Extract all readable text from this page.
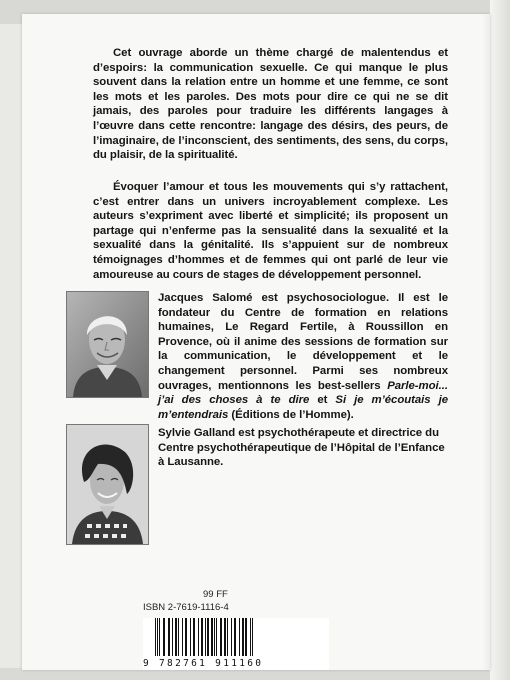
Cet ouvrage aborde un thème chargé de malentendus et d’espoirs: la communication sexuelle. Ce qui manque le plus souvent dans la relation entre un homme et une femme, ce sont les mots et les paroles. Des mots pour dire ce qui ne se dit jamais, des paroles pour traduire les différents langages à l’œuvre dans cette rencontre: langage des désirs, des peurs, de l’imaginaire, de l’inconscient, des sentiments, des sens, du corps, du plaisir, de la spiritualité.
Évoquer l’amour et tous les mouvements qui s’y rattachent, c’est entrer dans un univers incroyablement complexe. Les auteurs s’expriment avec liberté et simplicité; ils proposent un partage qui n’enferme pas la sensualité dans la sexualité et la sexualité dans la génitalité. Ils s’appuient sur de nombreux témoignages d’hommes et de femmes qui ont parlé de leur vie amoureuse au cours de stages de développement personnel.
Jacques Salomé est psychosociologue. Il est le fondateur du Centre de formation en relations humaines, Le Regard Fertile, à Roussillon en Provence, où il anime des sessions de formation sur la communication, le développement et le changement personnel. Parmi ses nombreux ouvrages, mentionnons les best-sellers Parle-moi... j’ai des choses à te dire et Si je m’écoutais je m’entendrais (Éditions de l’Homme).
Sylvie Galland est psychothérapeute et directrice du Centre psychothérapeutique de l’Hôpital de l’Enfance à Lausanne.
99 FF
ISBN 2-7619-1116-4
9 782761 911160
